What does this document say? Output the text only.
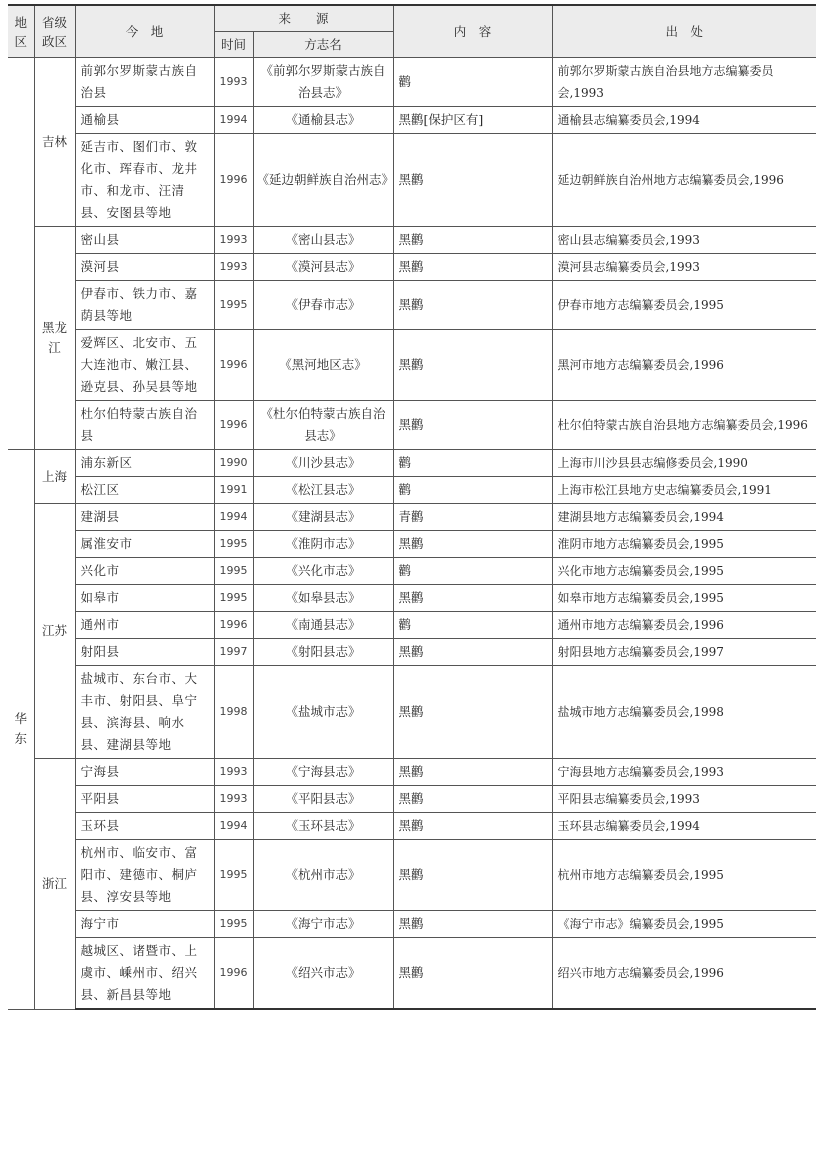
地区	省级政区	今　地	来　　源		内　容	出　处
			时间	方志名		
	吉林	前郭尔罗斯蒙古族自治县	1993	《前郭尔罗斯蒙古族自治县志》	鹳	前郭尔罗斯蒙古族自治县地方志编纂委员会,1993
		通榆县	1994	《通榆县志》	黑鹳[保护区有]	通榆县志编纂委员会,1994
		延吉市、图们市、敦化市、珲春市、龙井市、和龙市、汪清县、安图县等地	1996	《延边朝鲜族自治州志》	黑鹳	延边朝鲜族自治州地方志编纂委员会,1996
	黑龙江	密山县	1993	《密山县志》	黑鹳	密山县志编纂委员会,1993
		漠河县	1993	《漠河县志》	黑鹳	漠河县志编纂委员会,1993
		伊春市、铁力市、嘉荫县等地	1995	《伊春市志》	黑鹳	伊春市地方志编纂委员会,1995
		爱辉区、北安市、五大连池市、嫩江县、逊克县、孙吴县等地	1996	《黑河地区志》	黑鹳	黑河市地方志编纂委员会,1996
		杜尔伯特蒙古族自治县	1996	《杜尔伯特蒙古族自治县志》	黑鹳	杜尔伯特蒙古族自治县地方志编纂委员会,1996
华东	上海	浦东新区	1990	《川沙县志》	鹳	上海市川沙县县志编修委员会,1990
		松江区	1991	《松江县志》	鹳	上海市松江县地方史志编纂委员会,1991
	江苏	建湖县	1994	《建湖县志》	青鹳	建湖县地方志编纂委员会,1994
		属淮安市	1995	《淮阴市志》	黑鹳	淮阴市地方志编纂委员会,1995
		兴化市	1995	《兴化市志》	鹳	兴化市地方志编纂委员会,1995
		如皋市	1995	《如皋县志》	黑鹳	如皋市地方志编纂委员会,1995
		通州市	1996	《南通县志》	鹳	通州市地方志编纂委员会,1996
		射阳县	1997	《射阳县志》	黑鹳	射阳县地方志编纂委员会,1997
		盐城市、东台市、大丰市、射阳县、阜宁县、滨海县、响水县、建湖县等地	1998	《盐城市志》	黑鹳	盐城市地方志编纂委员会,1998
	浙江	宁海县	1993	《宁海县志》	黑鹳	宁海县地方志编纂委员会,1993
		平阳县	1993	《平阳县志》	黑鹳	平阳县志编纂委员会,1993
		玉环县	1994	《玉环县志》	黑鹳	玉环县志编纂委员会,1994
		杭州市、临安市、富阳市、建德市、桐庐县、淳安县等地	1995	《杭州市志》	黑鹳	杭州市地方志编纂委员会,1995
		海宁市	1995	《海宁市志》	黑鹳	《海宁市志》编纂委员会,1995
		越城区、诸暨市、上虞市、嵊州市、绍兴县、新昌县等地	1996	《绍兴市志》	黑鹳	绍兴市地方志编纂委员会,1996
